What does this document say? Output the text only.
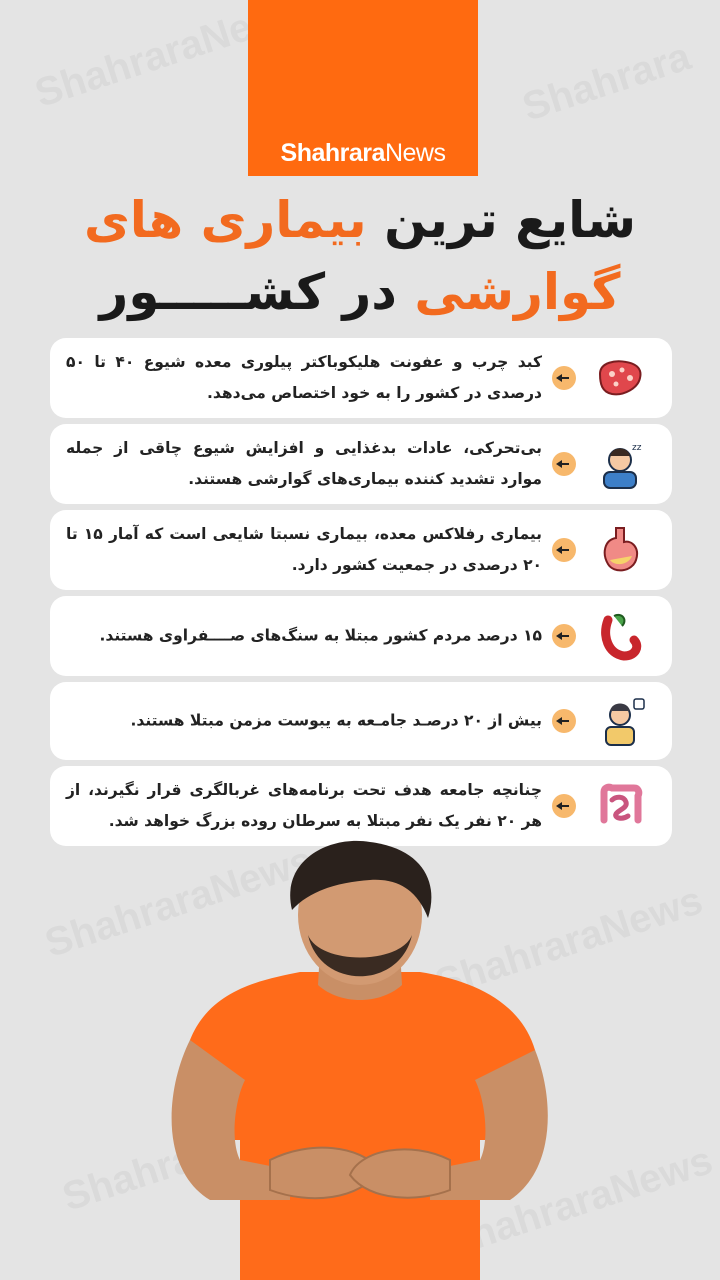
ShahraraNews
شایع ترین بیماری های
گوارشی در کشـــــور
کبد چرب و عفونت هلیکوباکتر پیلوری معده شیوع ۴۰ تا ۵۰ درصدی در کشور را به خود اختصاص می‌دهد.
بی‌تحرکی، عادات بدغذایی و افزایش شیوع چاقی از جمله موارد تشدید کننده بیماری‌های گوارشی هستند.
zz
بیماری رفلاکس معده، بیماری نسبتا شایعی است که آمار ۱۵ تا ۲۰ درصدی در جمعیت کشور دارد.
۱۵ درصد مردم کشور مبتلا به سنگ‌های صــــفراوی هستند.
بیش از ۲۰ درصـد جامـعه به یبوست مزمن مبتلا هستند.
چنانچه جامعه هدف تحت برنامه‌های غربالگری قرار نگیرند، از هر ۲۰ نفر یک نفر مبتلا به سرطان روده بزرگ خواهد شد.
